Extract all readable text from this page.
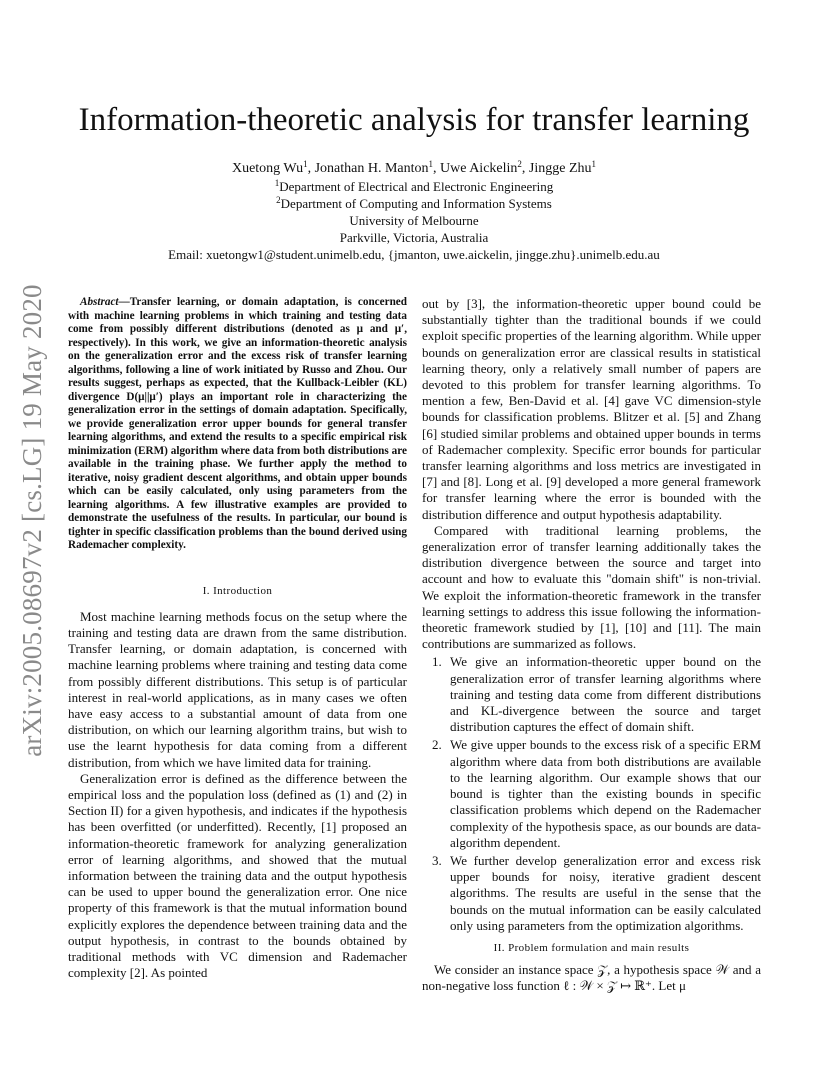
arXiv:2005.08697v2 [cs.LG] 19 May 2020
Information-theoretic analysis for transfer learning
Xuetong Wu$^1$, Jonathan H. Manton$^1$, Uwe Aickelin$^2$, Jingge Zhu$^1$
$^1$Department of Electrical and Electronic Engineering
$^2$Department of Computing and Information Systems
University of Melbourne
Parkville, Victoria, Australia
Email: xuetongw1@student.unimelb.edu, {jmanton, uwe.aickelin, jingge.zhu}.unimelb.edu.au

Abstract—Transfer learning, or domain adaptation, is concerned with machine learning problems in which training and testing data come from possibly different distributions (denoted as μ and μ′, respectively). In this work, we give an information-theoretic analysis on the generalization error and the excess risk of transfer learning algorithms, following a line of work initiated by Russo and Zhou. Our results suggest, perhaps as expected, that the Kullback-Leibler (KL) divergence D(μ||μ′) plays an important role in characterizing the generalization error in the settings of domain adaptation. Specifically, we provide generalization error upper bounds for general transfer learning algorithms, and extend the results to a specific empirical risk minimization (ERM) algorithm where data from both distributions are available in the training phase. We further apply the method to iterative, noisy gradient descent algorithms, and obtain upper bounds which can be easily calculated, only using parameters from the learning algorithms. A few illustrative examples are provided to demonstrate the usefulness of the results. In particular, our bound is tighter in specific classification problems than the bound derived using Rademacher complexity.

I. Introduction

Most machine learning methods focus on the setup where the training and testing data are drawn from the same distribution. Transfer learning, or domain adaptation, is concerned with machine learning problems where training and testing data come from possibly different distributions. This setup is of particular interest in real-world applications, as in many cases we often have easy access to a substantial amount of data from one distribution, on which our learning algorithm trains, but wish to use the learnt hypothesis for data coming from a different distribution, from which we have limited data for training.

Generalization error is defined as the difference between the empirical loss and the population loss (defined as (1) and (2) in Section II) for a given hypothesis, and indicates if the hypothesis has been overfitted (or underfitted). Recently, [1] proposed an information-theoretic framework for analyzing generalization error of learning algorithms, and showed that the mutual information between the training data and the output hypothesis can be used to upper bound the generalization error. One nice property of this framework is that the mutual information bound explicitly explores the dependence between training data and the output hypothesis, in contrast to the bounds obtained by traditional methods with VC dimension and Rademacher complexity [2]. As pointed

out by [3], the information-theoretic upper bound could be substantially tighter than the traditional bounds if we could exploit specific properties of the learning algorithm. While upper bounds on generalization error are classical results in statistical learning theory, only a relatively small number of papers are devoted to this problem for transfer learning algorithms. To mention a few, Ben-David et al. [4] gave VC dimension-style bounds for classification problems. Blitzer et al. [5] and Zhang [6] studied similar problems and obtained upper bounds in terms of Rademacher complexity. Specific error bounds for particular transfer learning algorithms and loss metrics are investigated in [7] and [8]. Long et al. [9] developed a more general framework for transfer learning where the error is bounded with the distribution difference and output hypothesis adaptability.

Compared with traditional learning problems, the generalization error of transfer learning additionally takes the distribution divergence between the source and target into account and how to evaluate this "domain shift" is non-trivial. We exploit the information-theoretic framework in the transfer learning settings to address this issue following the information-theoretic framework studied by [1], [10] and [11]. The main contributions are summarized as follows.

1. We give an information-theoretic upper bound on the generalization error of transfer learning algorithms where training and testing data come from different distributions and KL-divergence between the source and target distribution captures the effect of domain shift.
2. We give upper bounds to the excess risk of a specific ERM algorithm where data from both distributions are available to the learning algorithm. Our example shows that our bound is tighter than the existing bounds in specific classification problems which depend on the Rademacher complexity of the hypothesis space, as our bounds are data-algorithm dependent.
3. We further develop generalization error and excess risk upper bounds for noisy, iterative gradient descent algorithms. The results are useful in the sense that the bounds on the mutual information can be easily calculated only using parameters from the optimization algorithms.

II. Problem formulation and main results

We consider an instance space 𝒵, a hypothesis space 𝒲 and a non-negative loss function ℓ : 𝒲 × 𝒵 ↦ ℝ⁺. Let μ
